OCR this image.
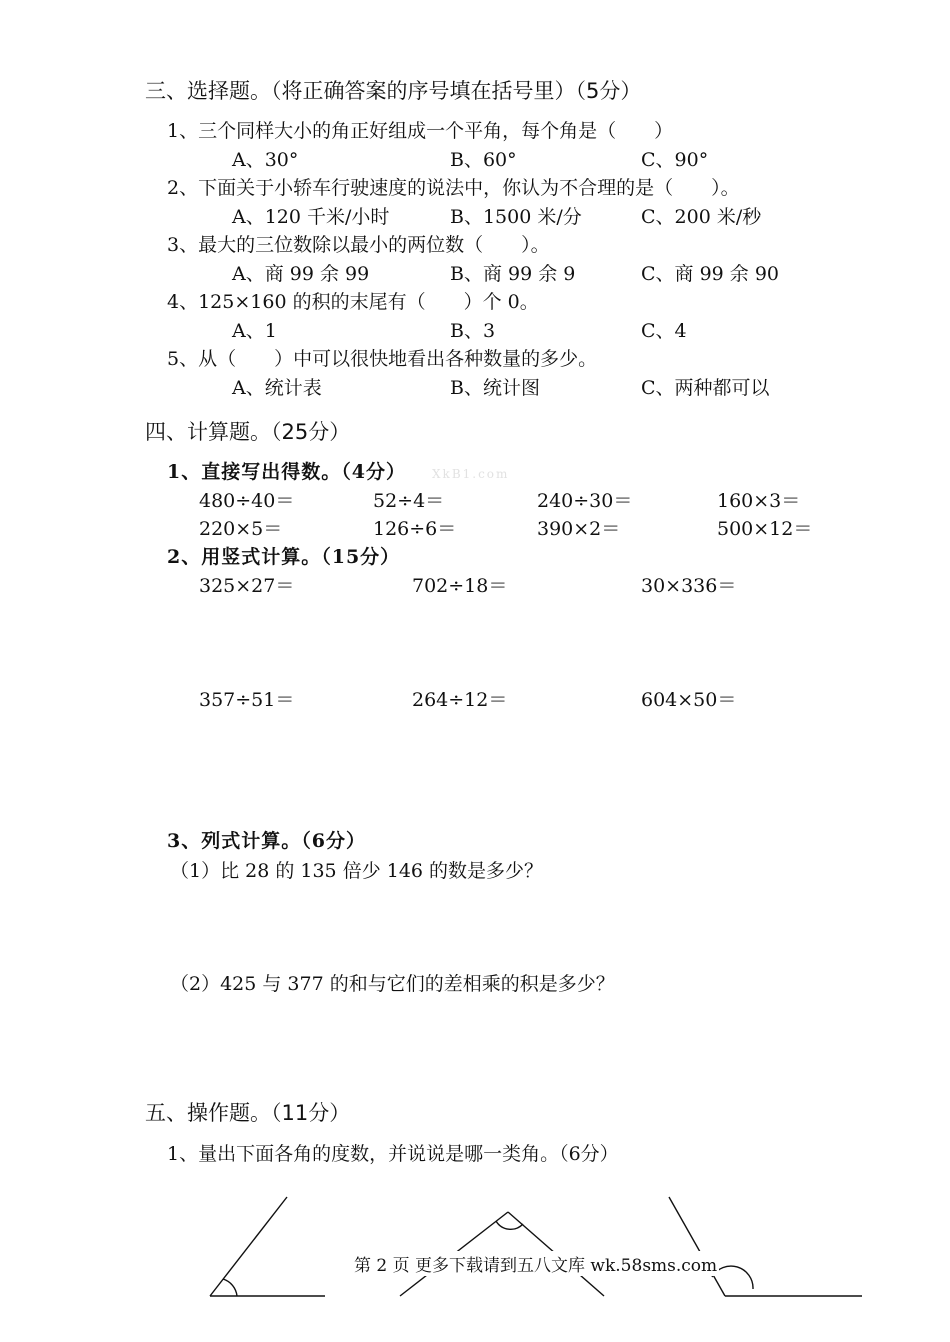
三、选择题。（将正确答案的序号填在括号里）（5分）
1、三个同样大小的角正好组成一个平角，每个角是（　　）
A、30°	B、60°	C、90°
2、下面关于小轿车行驶速度的说法中，你认为不合理的是（　　）。
A、120 千米/小时	B、1500 米/分	C、200 米/秒
3、最大的三位数除以最小的两位数（　　）。
A、商 99 余 99	B、商 99 余 9	C、商 99 余 90
4、125×160 的积的末尾有（　　）个 0。
A、1	B、3	C、4
5、从（　　）中可以很快地看出各种数量的多少。
A、统计表	B、统计图	C、两种都可以
四、计算题。（25分）
1、直接写出得数。（4分） XkB1.com
480÷40＝	52÷4＝	240÷30＝	160×3＝
220×5＝	126÷6＝	390×2＝	500×12＝
2、用竖式计算。（15分）
325×27＝	702÷18＝	30×336＝
357÷51＝	264÷12＝	604×50＝
3、列式计算。（6分）
（1）比 28 的 135 倍少 146 的数是多少？
（2）425 与 377 的和与它们的差相乘的积是多少？
五、操作题。（11分）
1、量出下面各角的度数，并说说是哪一类角。（6分）
第 2 页 更多下载请到五八文库 wk.58sms.com
